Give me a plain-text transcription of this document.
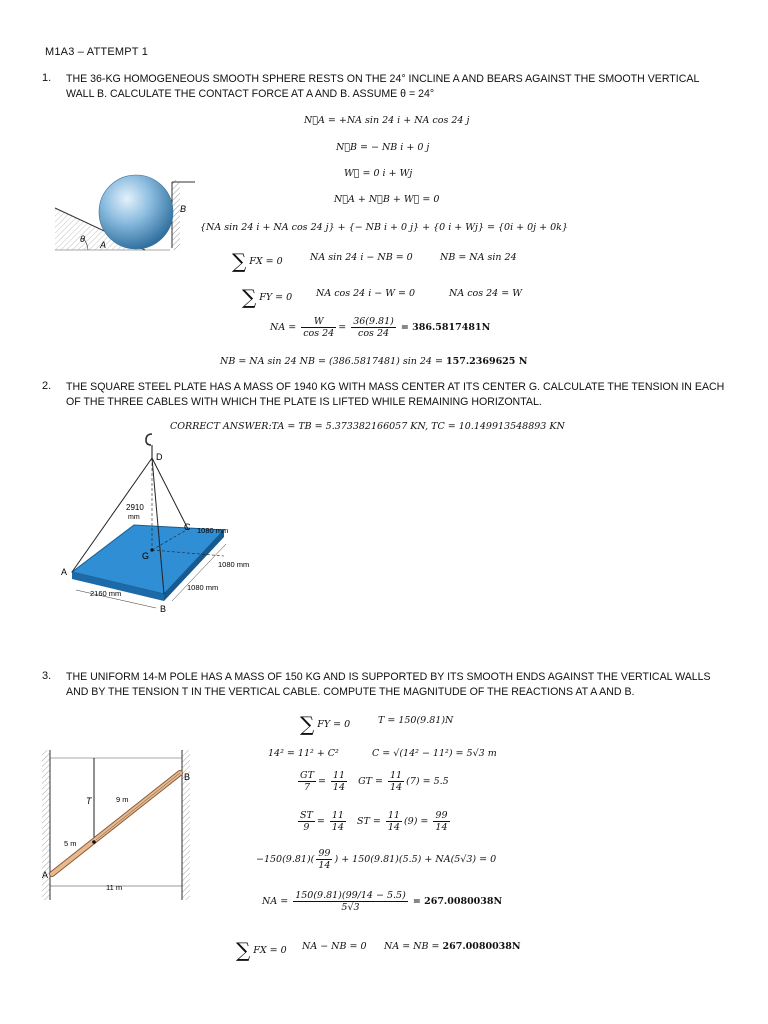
M1A3 – ATTEMPT 1
1. THE 36-KG HOMOGENEOUS SMOOTH SPHERE RESTS ON THE 24° INCLINE A AND BEARS AGAINST THE SMOOTH VERTICAL WALL B. CALCULATE THE CONTACT FORCE AT A AND B. ASSUME θ = 24°
N⃗A = +NA sin 24 i + NA cos 24 j
N⃗B = − NB i + 0 j
W⃗ = 0 i + Wj
N⃗A + N⃗B + W⃗ = 0
{NA sin 24 i + NA cos 24 j} + {− NB i + 0 j} + {0 i + Wj} = {0i + 0j + 0k}
∑ FX = 0	NA sin 24 i − NB = 0	NB = NA sin 24
∑ FY = 0	NA cos 24 i − W = 0	NA cos 24 = W
NA = $\frac{W}{\cos 24} = \frac{36(9.81)}{\cos 24} = 386.5817481N$
NB = NA sin 24 NB = (386.5817481) sin 24 = 157.2369625 N
B
A
θ
2. THE SQUARE STEEL PLATE HAS A MASS OF 1940 KG WITH MASS CENTER AT ITS CENTER G. CALCULATE THE TENSION IN EACH OF THE THREE CABLES WITH WHICH THE PLATE IS LIFTED WHILE REMAINING HORIZONTAL.
CORRECT ANSWER:TA = TB = 5.373382166057 KN, TC = 10.149913548893 KN
D
2910
mm
C 1080 mm
1080 mm
G
A
1080 mm
2160 mm
B
3. THE UNIFORM 14-M POLE HAS A MASS OF 150 KG AND IS SUPPORTED BY ITS SMOOTH ENDS AGAINST THE VERTICAL WALLS AND BY THE TENSION T IN THE VERTICAL CABLE. COMPUTE THE MAGNITUDE OF THE REACTIONS AT A AND B.
∑ FY = 0	T = 150(9.81)N
14² = 11² + C²	C = √(14² − 11²) = 5√3 m
$\frac{GT}{7} = \frac{11}{14}$ GT = $\frac{11}{14} (7) = 5.5$
$\frac{ST}{9} = \frac{11}{14}$ ST = $\frac{11}{14} (9) = \frac{99}{14}$
$-150(9.81)( \frac{99}{14}$ ) + 150(9.81)(5.5) + NA(5√3) = 0
NA = $\frac{150(9.81)(99/14 - 5.5)}{5√3} = 267.0080038N$
∑ FX = 0 NA − NB = 0 NA = NB = 267.0080038N
B
T	9 m
5 m
A
11 m
